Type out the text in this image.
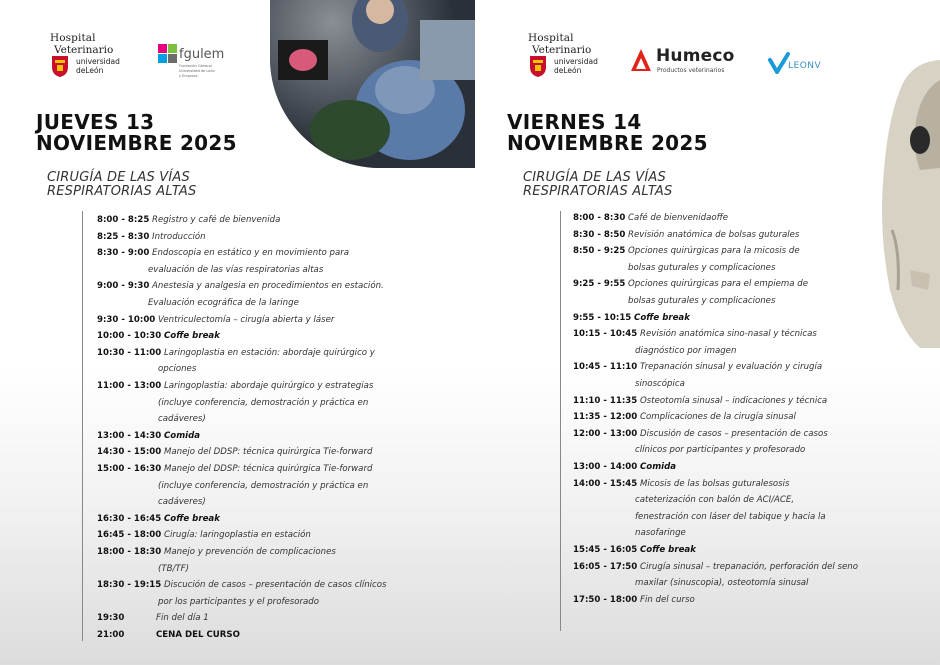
Hospital
Veterinario
universidad
deLeón
fgulem
Fundación General
Universidad de León
y Empresa
JUEVES 13
NOVIEMBRE 2025
CIRUGÍA DE LAS VÍAS
RESPIRATORIAS ALTAS
8:00 - 8:25 Registro y café de bienvenida
8:25 - 8:30 Introducción
8:30 - 9:00 Endoscopia en estático y en movimiento para
evaluación de las vías respiratorias altas
9:00 - 9:30 Anestesia y analgesia en procedimientos en estación.
Evaluación ecográfica de la laringe
9:30 - 10:00 Ventriculectomía – cirugía abierta y láser
10:00 - 10:30 Coffe break
10:30 - 11:00 Laringoplastia en estación: abordaje quirúrgico y
opciones
11:00 - 13:00 Laringoplastia: abordaje quirúrgico y estrategias
(incluye conferencia, demostración y práctica en
cadáveres)
13:00 - 14:30 Comida
14:30 - 15:00 Manejo del DDSP: técnica quirúrgica Tie-forward
15:00 - 16:30 Manejo del DDSP: técnica quirúrgica Tie-forward
(incluye conferencia, demostración y práctica en
cadáveres)
16:30 - 16:45 Coffe break
16:45 - 18:00 Cirugía: laringoplastia en estación
18:00 - 18:30 Manejo y prevención de complicaciones
(TB/TF)
18:30 - 19:15 Discución de casos – presentación de casos clínicos
por los participantes y el profesorado
19:30	Fin del día 1
21:00	CENA DEL CURSO
Hospital
Veterinario
universidad
deLeón
Humeco
Productos veterinarios	LEONV
VIERNES 14
NOVIEMBRE 2025
CIRUGÍA DE LAS VÍAS
RESPIRATORIAS ALTAS
8:00 - 8:30 Café de bienvenidaoffe
8:30 - 8:50 Revisión anatómica de bolsas guturales
8:50 - 9:25 Opciones quirúrgicas para la micosis de
bolsas guturales y complicaciones
9:25 - 9:55 Opciones quirúrgicas para el empiema de
bolsas guturales y complicaciones
9:55 - 10:15 Coffe break
10:15 - 10:45 Revisión anatómica sino-nasal y técnicas
diagnóstico por imagen
10:45 - 11:10 Trepanación sinusal y evaluación y cirugía
sinoscópica
11:10 - 11:35 Osteotomía sinusal – indicaciones y técnica
11:35 - 12:00 Complicaciones de la cirugía sinusal
12:00 - 13:00 Discusión de casos – presentación de casos
clínicos por participantes y profesorado
13:00 - 14:00 Comida
14:00 - 15:45 Micosis de las bolsas guturalesosis
cateterización con balón de ACI/ACE,
fenestración con láser del tabique y hacia la
nasofaringe
15:45 - 16:05 Coffe break
16:05 - 17:50 Cirugía sinusal – trepanación, perforación del seno
maxilar (sinuscopia), osteotomía sinusal
17:50 - 18:00 Fin del curso
